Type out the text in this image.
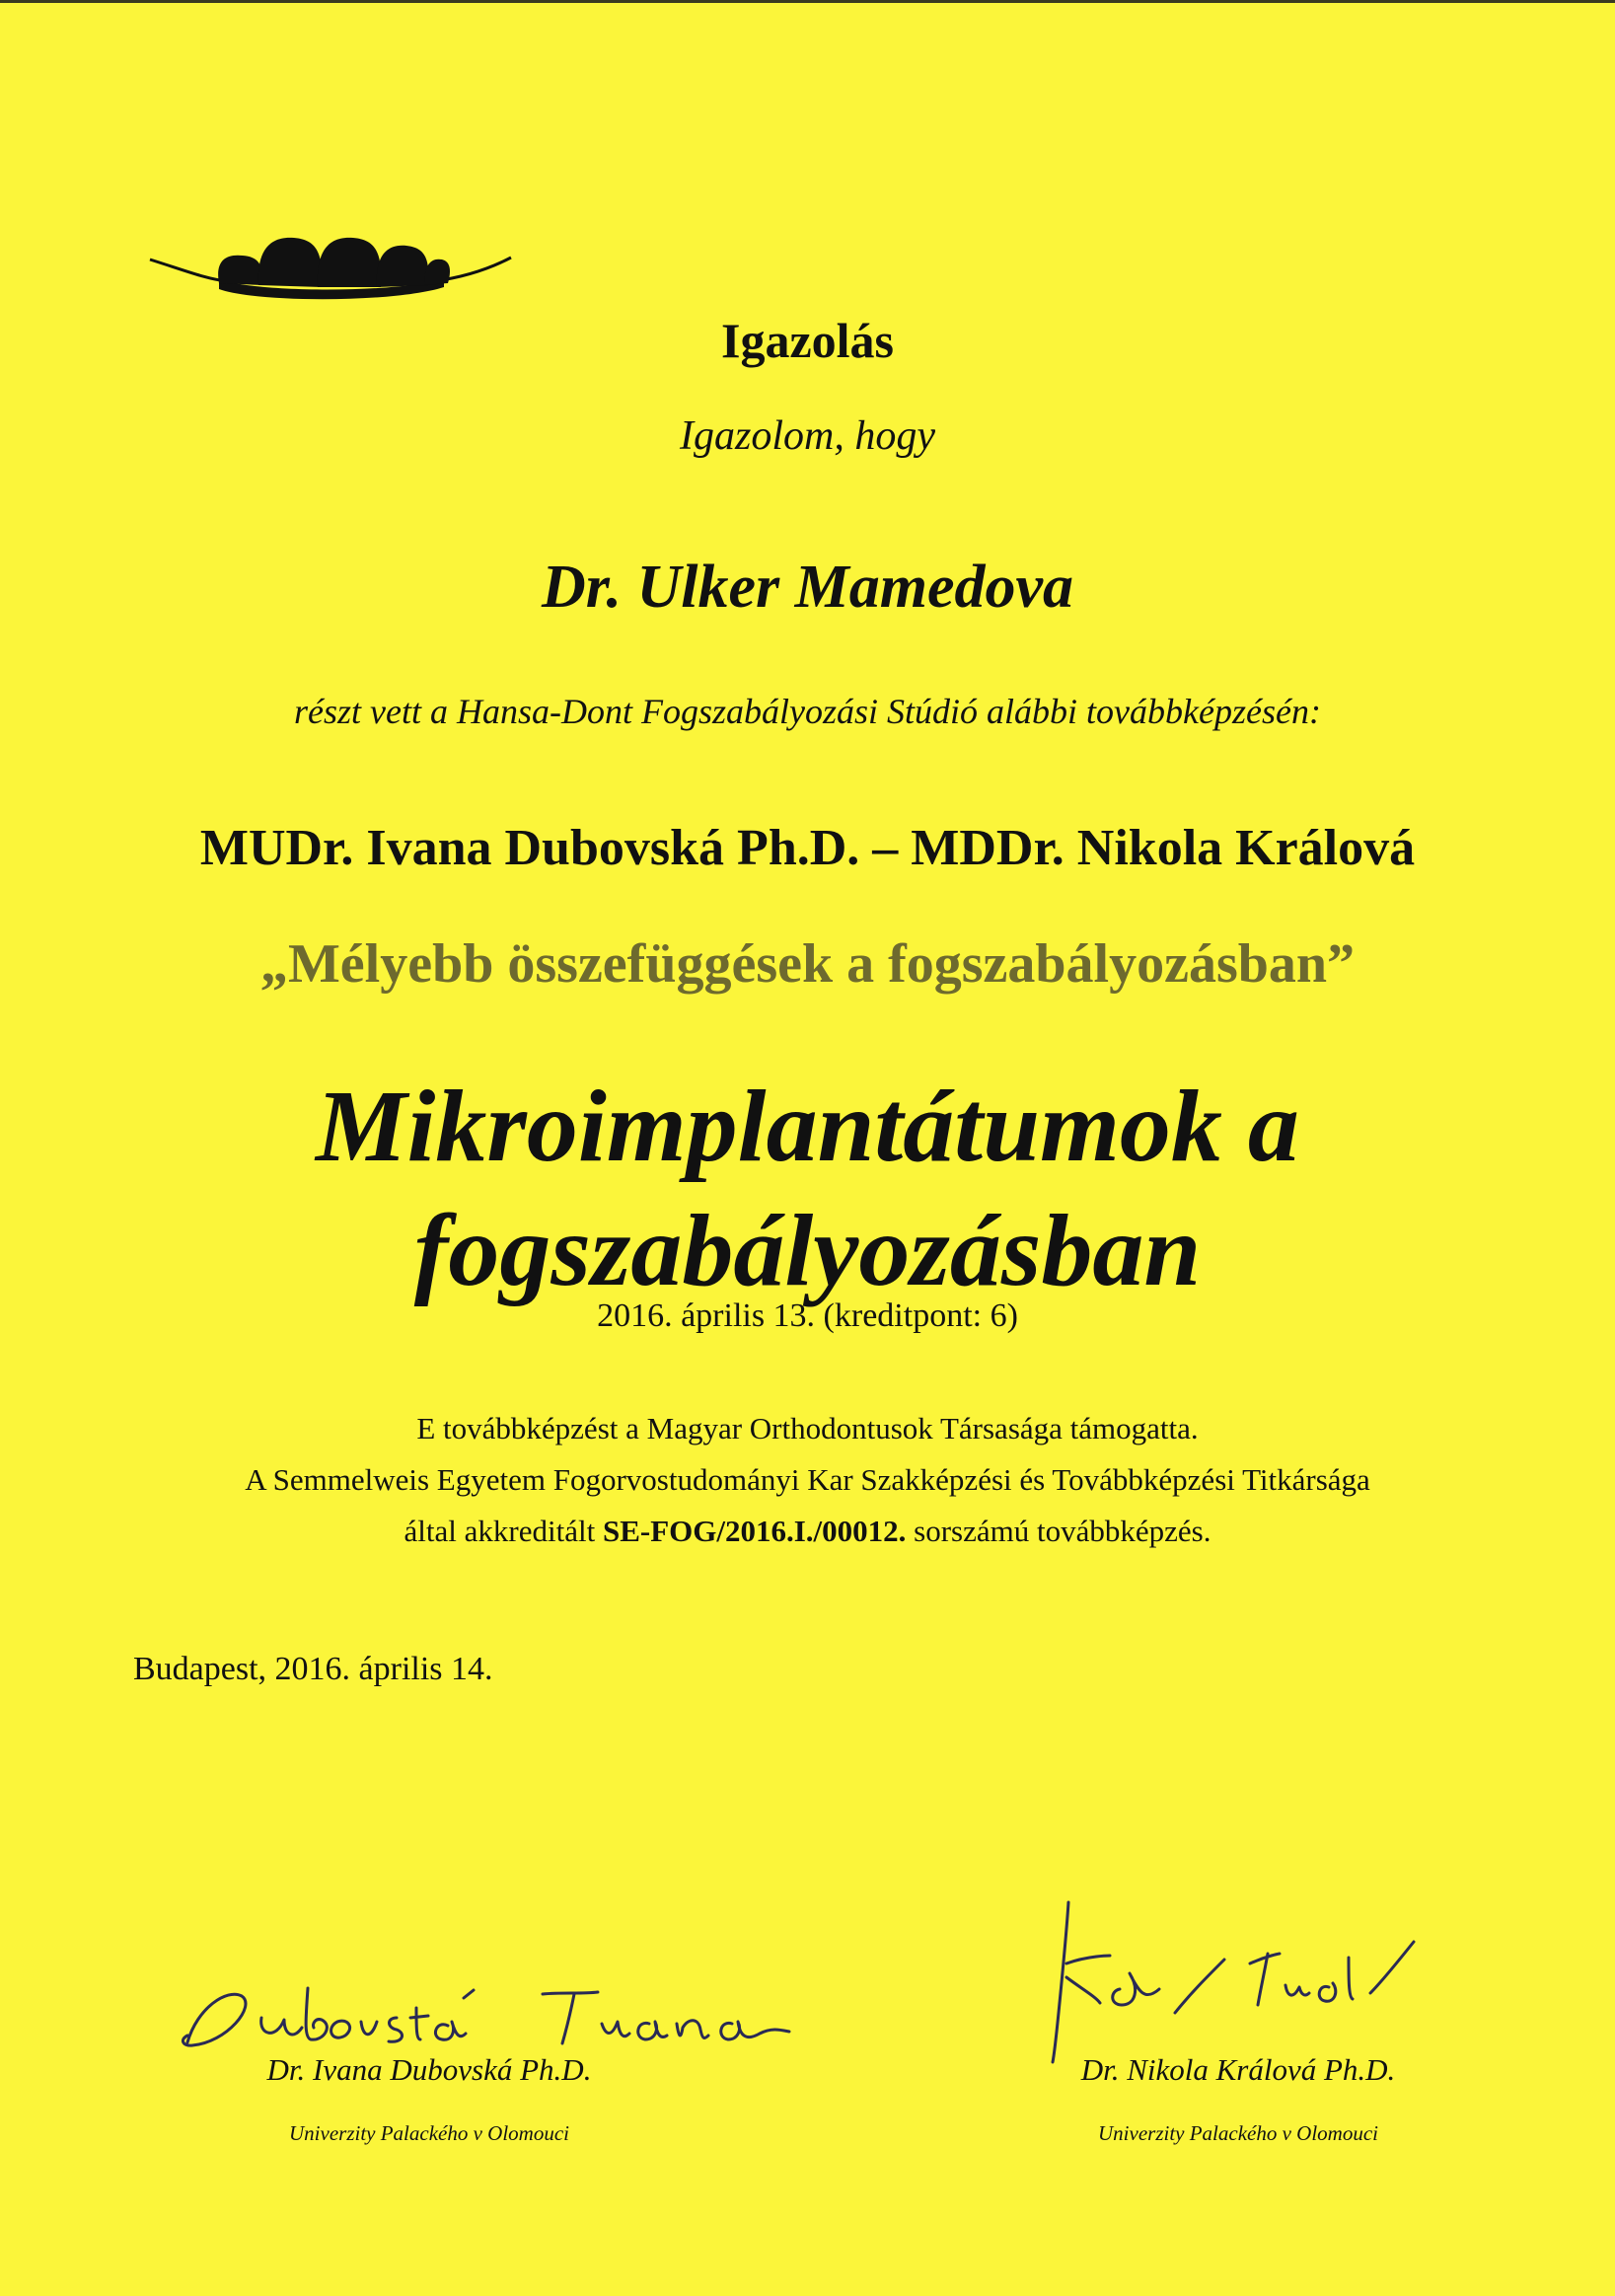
Igazolás
Igazolom, hogy
Dr. Ulker Mamedova
részt vett a Hansa-Dont Fogszabályozási Stúdió alábbi továbbképzésén:
MUDr. Ivana Dubovská Ph.D. – MDDr. Nikola Králová
„Mélyebb összefüggések a fogszabályozásban”
Mikroimplantátumok a
fogszabályozásban
2016. április 13. (kreditpont: 6)
E továbbképzést a Magyar Orthodontusok Társasága támogatta.
A Semmelweis Egyetem Fogorvostudományi Kar Szakképzési és Továbbképzési Titkársága
által akkreditált SE-FOG/2016.I./00012. sorszámú továbbképzés.
Budapest, 2016. április 14.
Dr. Ivana Dubovská Ph.D.
Univerzity Palackého v Olomouci
Dr. Nikola Králová Ph.D.
Univerzity Palackého v Olomouci
